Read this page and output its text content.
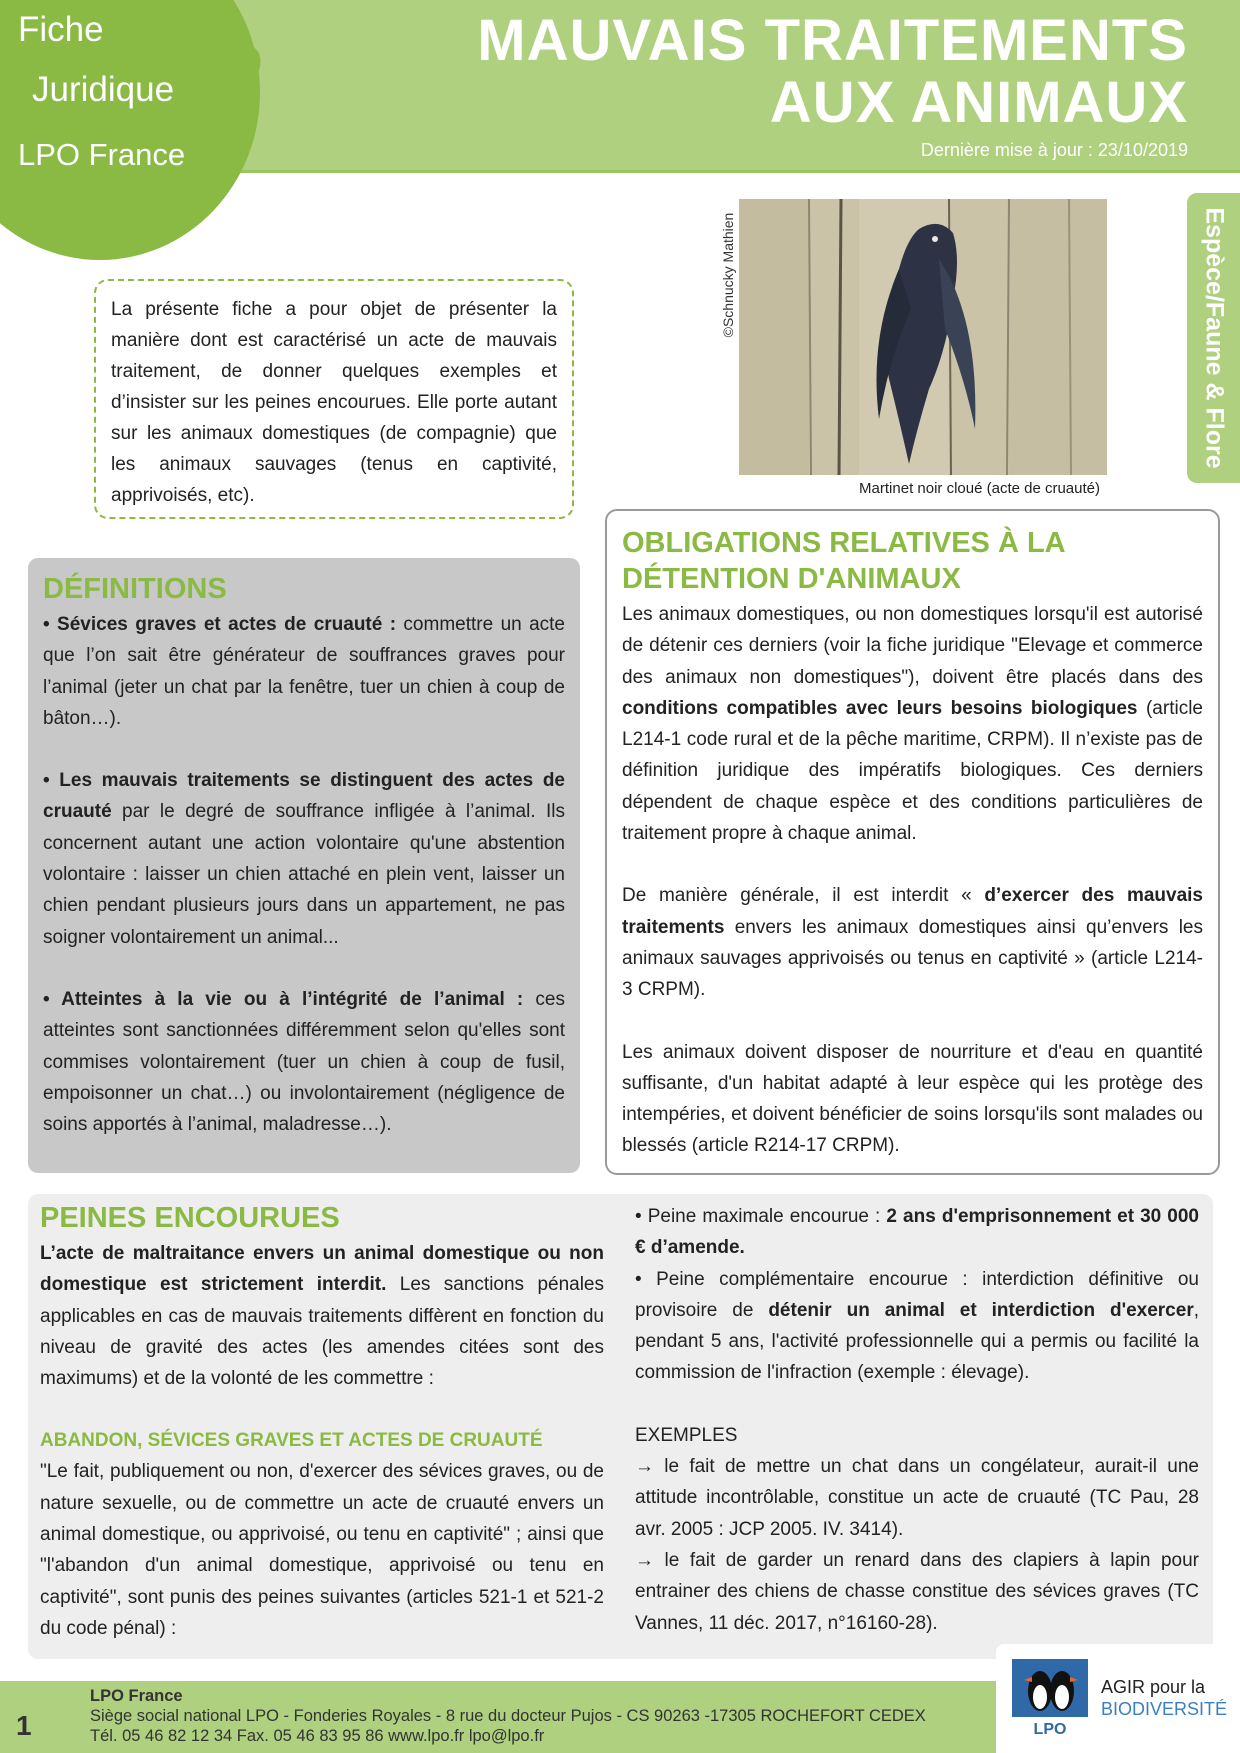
Fiche
Juridique
LPO France
MAUVAIS TRAITEMENTS
AUX ANIMAUX
Dernière mise à jour : 23/10/2019
Espèce/Faune & Flore
La présente fiche a pour objet de présenter la manière dont est caractérisé un acte de mauvais traitement, de donner quelques exemples et d’insister sur les peines encourues. Elle porte autant sur les animaux domestiques (de compagnie) que les animaux sauvages (tenus en captivité, apprivoisés, etc).
©Schnucky Mathien
Martinet noir cloué (acte de cruauté)
DÉFINITIONS
• Sévices graves et actes de cruauté : commettre un acte que l’on sait être générateur de souffrances graves pour l’animal (jeter un chat par la fenêtre, tuer un chien à coup de bâton…).
• Les mauvais traitements se distinguent des actes de cruauté par le degré de souffrance infligée à l’animal. Ils concernent autant une action volontaire qu'une abstention volontaire : laisser un chien attaché en plein vent, laisser un chien pendant plusieurs jours dans un appartement, ne pas soigner volontairement un animal...
• Atteintes à la vie ou à l’intégrité de l’animal : ces atteintes sont sanctionnées différemment selon qu'elles sont commises volontairement (tuer un chien à coup de fusil, empoisonner un chat…) ou involontairement (négligence de soins apportés à l’animal, maladresse…).
OBLIGATIONS RELATIVES À LA DÉTENTION D'ANIMAUX
Les animaux domestiques, ou non domestiques lorsqu'il est autorisé de détenir ces derniers (voir la fiche juridique "Elevage et commerce des animaux non domestiques"), doivent être placés dans des conditions compatibles avec leurs besoins biologiques (article L214-1 code rural et de la pêche maritime, CRPM). Il n’existe pas de définition juridique des impératifs biologiques. Ces derniers dépendent de chaque espèce et des conditions particulières de traitement propre à chaque animal.
De manière générale, il est interdit « d’exercer des mauvais traitements envers les animaux domestiques ainsi qu’envers les animaux sauvages apprivoisés ou tenus en captivité » (article L214-3 CRPM).
Les animaux doivent disposer de nourriture et d'eau en quantité suffisante, d'un habitat adapté à leur espèce qui les protège des intempéries, et doivent bénéficier de soins lorsqu'ils sont malades ou blessés (article R214-17 CRPM).
PEINES ENCOURUES
L’acte de maltraitance envers un animal domestique ou non domestique est strictement interdit. Les sanctions pénales applicables en cas de mauvais traitements diffèrent en fonction du niveau de gravité des actes (les amendes citées sont des maximums) et de la volonté de les commettre :
ABANDON, SÉVICES GRAVES ET ACTES DE CRUAUTÉ
"Le fait, publiquement ou non, d'exercer des sévices graves, ou de nature sexuelle, ou de commettre un acte de cruauté envers un animal domestique, ou apprivoisé, ou tenu en captivité" ; ainsi que "l'abandon d'un animal domestique, apprivoisé ou tenu en captivité", sont punis des peines suivantes (articles 521-1 et 521-2 du code pénal) :
• Peine maximale encourue : 2 ans d'emprisonnement et 30 000 € d’amende.
• Peine complémentaire encourue : interdiction définitive ou provisoire de détenir un animal et interdiction d'exercer, pendant 5 ans, l'activité professionnelle qui a permis ou facilité la commission de l'infraction (exemple : élevage).
EXEMPLES
→ le fait de mettre un chat dans un congélateur, aurait-il une attitude incontrôlable, constitue un acte de cruauté (TC Pau, 28 avr. 2005 : JCP 2005. IV. 3414).
→ le fait de garder un renard dans des clapiers à lapin pour entrainer des chiens de chasse constitue des sévices graves (TC Vannes, 11 déc. 2017, n°16160-28).
1
LPO France
Siège social national LPO - Fonderies Royales - 8 rue du docteur Pujos - CS 90263 -17305 ROCHEFORT CEDEX
Tél. 05 46 82 12 34 Fax. 05 46 83 95 86 www.lpo.fr lpo@lpo.fr	LPO
AGIR pour la
BIODIVERSITÉ
